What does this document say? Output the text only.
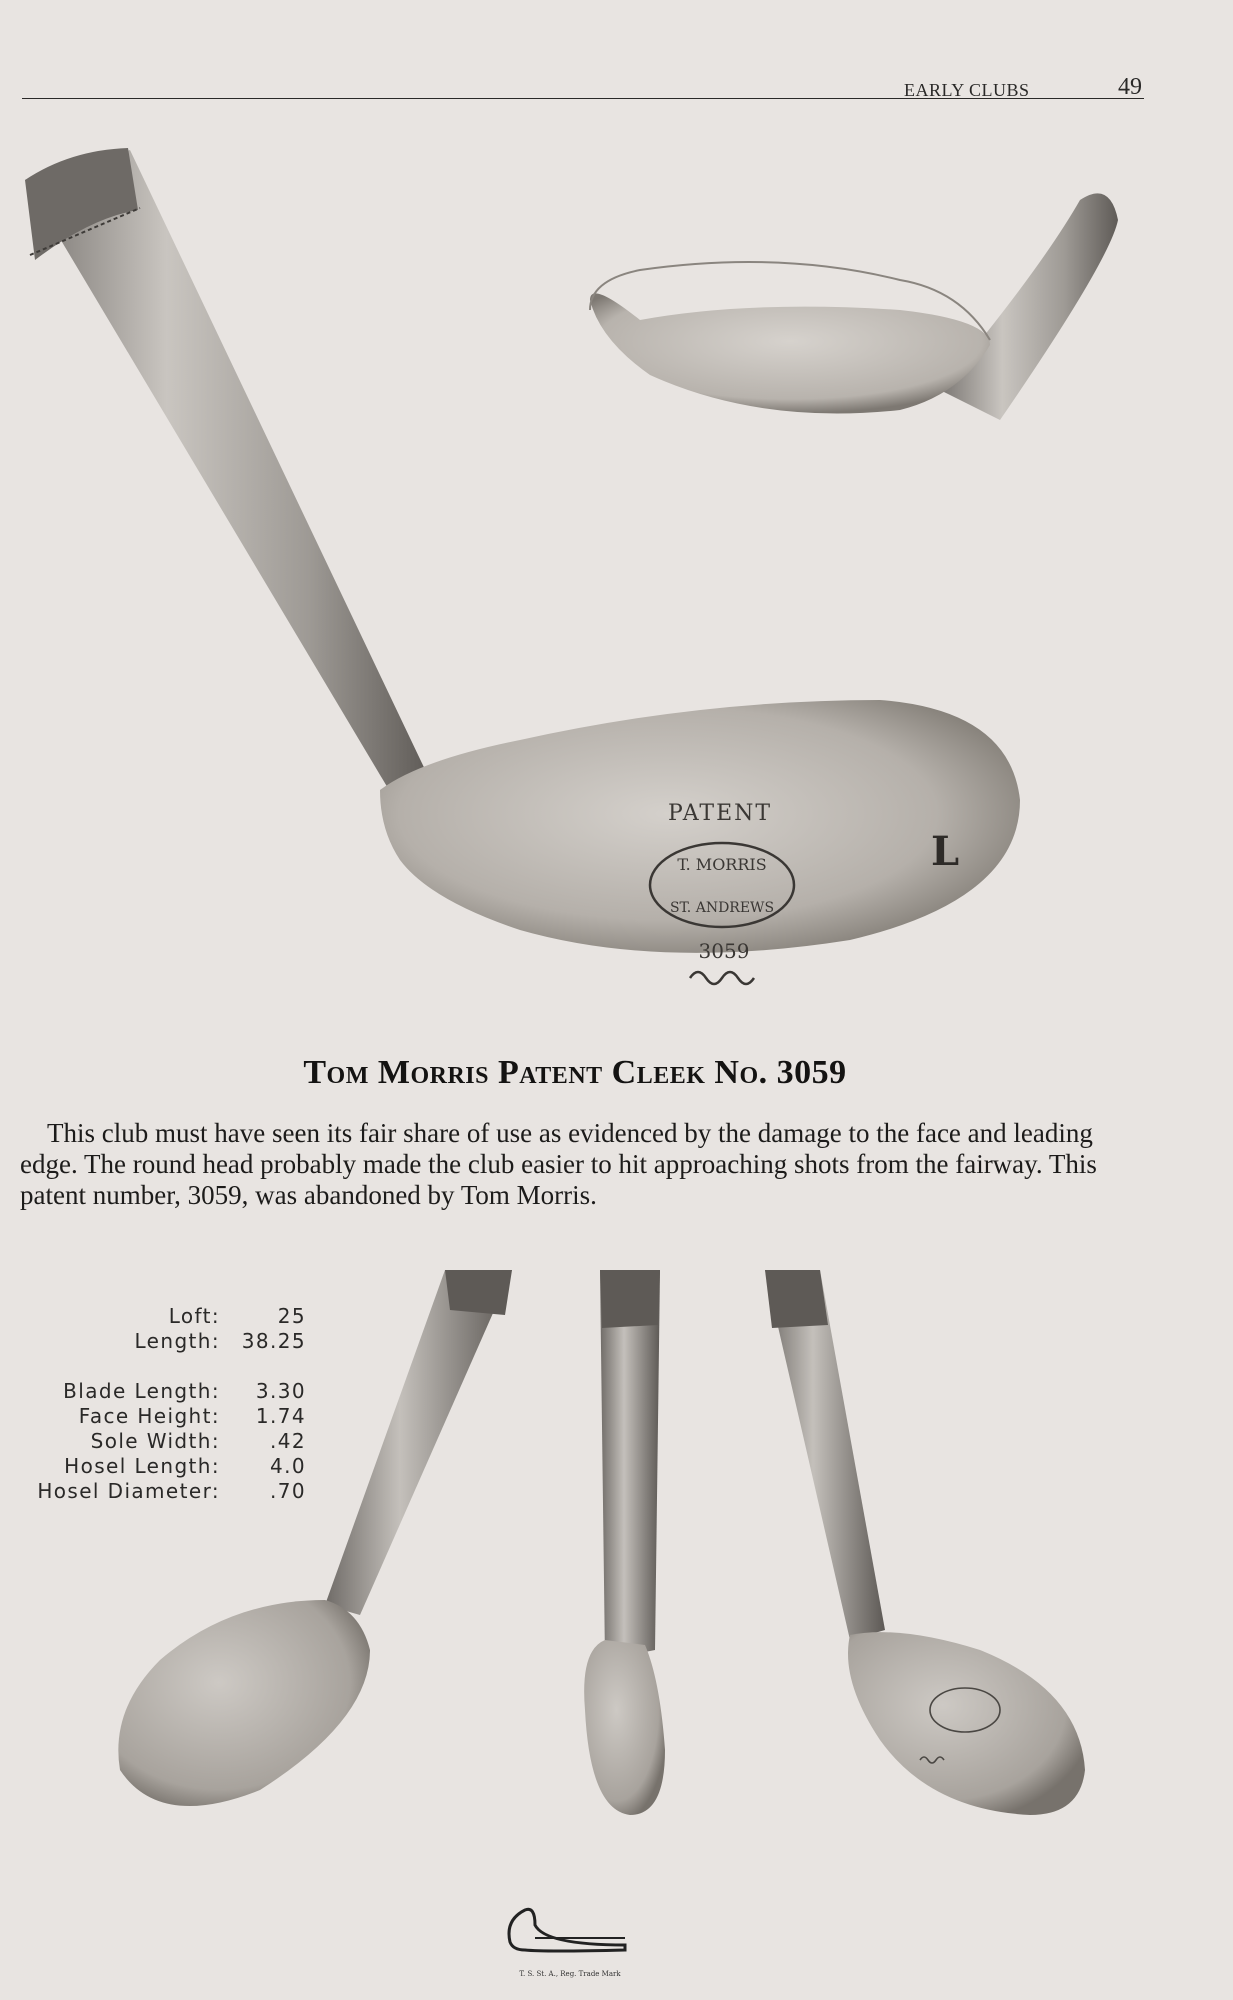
EARLY CLUBS	49
PATENT
T. MORRIS
ST. ANDREWS
3059
L
Tom Morris Patent Cleek No. 3059
This club must have seen its fair share of use as evidenced by the damage to the face and leading edge. The round head probably made the club easier to hit approaching shots from the fairway. This patent number, 3059, was abandoned by Tom Morris.
Loft:	25
Length: 38.25
Blade Length:	3.30
Face Height:	1.74
Sole Width:	.42
Hosel Length:	4.0
Hosel Diameter:	.70
T. S. St. A., Reg. Trade Mark
